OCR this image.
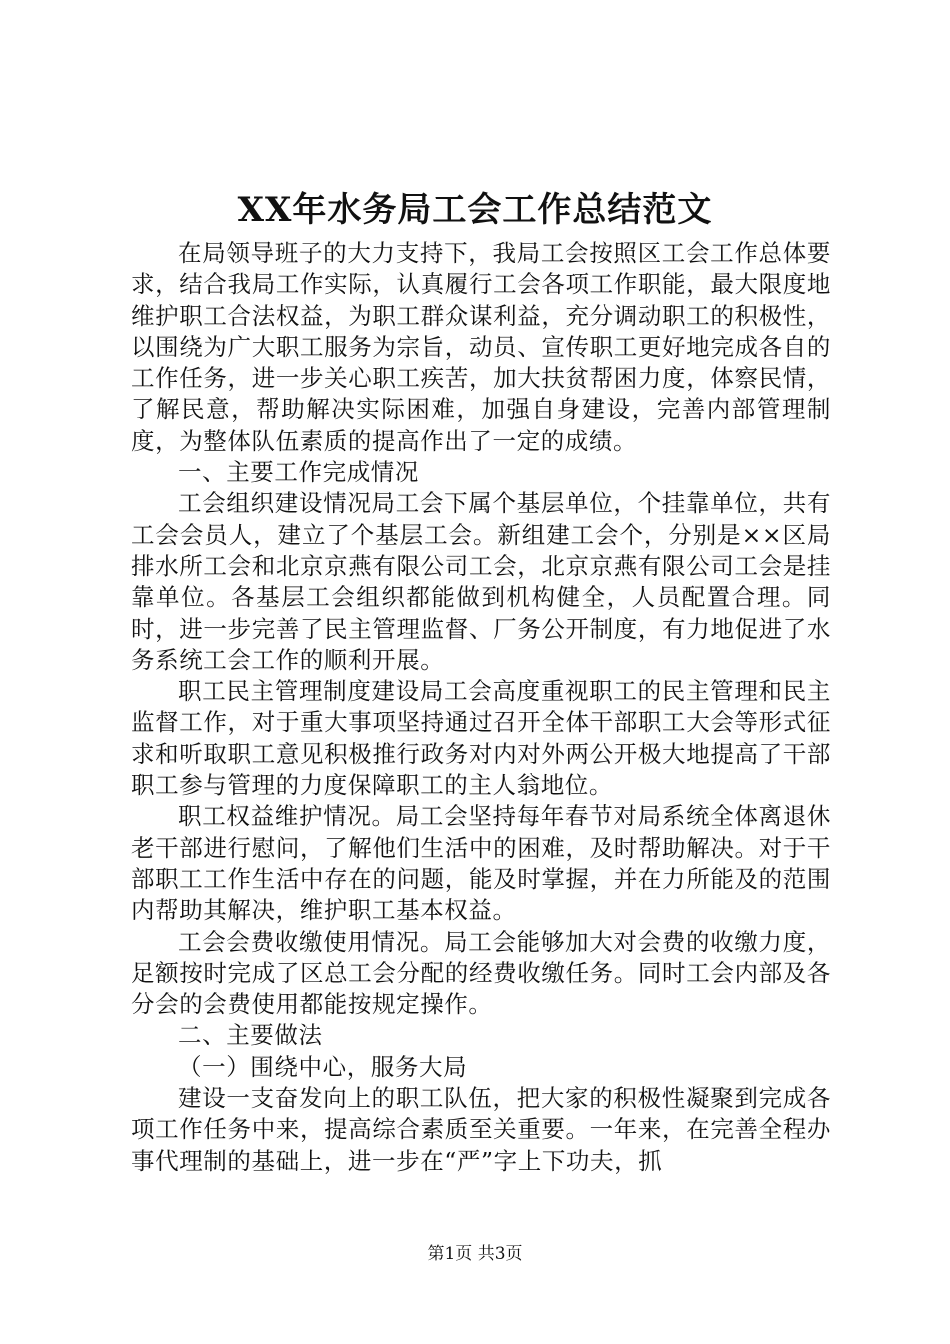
XX年水务局工会工作总结范文

在局领导班子的大力支持下，我局工会按照区工会工作总体要求，结合我局工作实际，认真履行工会各项工作职能，最大限度地维护职工合法权益，为职工群众谋利益，充分调动职工的积极性，以围绕为广大职工服务为宗旨，动员、宣传职工更好地完成各自的工作任务，进一步关心职工疾苦，加大扶贫帮困力度，体察民情，了解民意，帮助解决实际困难，加强自身建设，完善内部管理制度，为整体队伍素质的提高作出了一定的成绩。

一、主要工作完成情况

工会组织建设情况局工会下属个基层单位，个挂靠单位，共有工会会员人，建立了个基层工会。新组建工会个，分别是××区局排水所工会和北京京燕有限公司工会，北京京燕有限公司工会是挂靠单位。各基层工会组织都能做到机构健全，人员配置合理。同时，进一步完善了民主管理监督、厂务公开制度，有力地促进了水务系统工会工作的顺利开展。

职工民主管理制度建设局工会高度重视职工的民主管理和民主监督工作，对于重大事项坚持通过召开全体干部职工大会等形式征求和听取职工意见积极推行政务对内对外两公开极大地提高了干部职工参与管理的力度保障职工的主人翁地位。

职工权益维护情况。局工会坚持每年春节对局系统全体离退休老干部进行慰问，了解他们生活中的困难，及时帮助解决。对于干部职工工作生活中存在的问题，能及时掌握，并在力所能及的范围内帮助其解决，维护职工基本权益。

工会会费收缴使用情况。局工会能够加大对会费的收缴力度，足额按时完成了区总工会分配的经费收缴任务。同时工会内部及各分会的会费使用都能按规定操作。

二、主要做法

（一）围绕中心，服务大局

建设一支奋发向上的职工队伍，把大家的积极性凝聚到完成各项工作任务中来，提高综合素质至关重要。一年来，在完善全程办事代理制的基础上，进一步在“严”字上下功夫，抓

第1页 共3页
